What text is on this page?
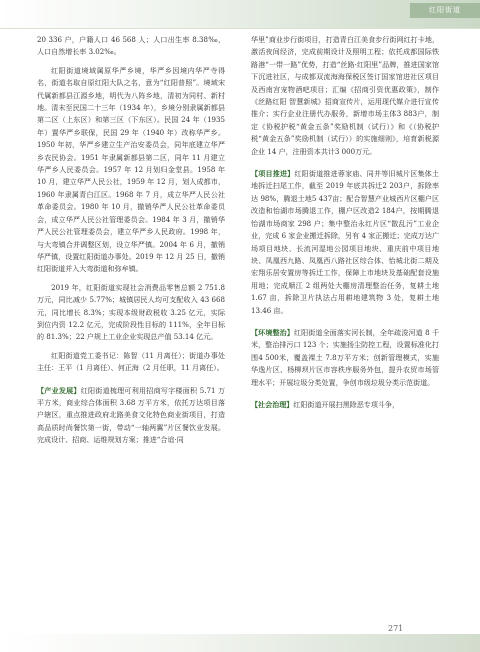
红阳街道

20 336 户，户籍人口 46 568 人；人口出生率 8.38‰，人口自然增长率 3.02‰。

红阳街道境域属原华严乡境，华严乡因境内华严寺得名，街道名取自原红阳大队之名，意为“红阳普照”。境域宋代属新都县江源乡地，明代为八阵乡地，清初为同村、新村地。清末至民国二十三年（1934 年），乡境分别隶属新都县第二区（上东区）和第三区（下东区）。民国 24 年（1935 年）置华严乡联保，民国 29 年（1940 年）改称华严乡。1950 年初，华严乡建立生产治安委员会，同年底建立华严乡农民协会。1951 年隶属新都县第二区，同年 11 月建立华严乡人民委员会。1957 年 12 月划归金堂县。1958 年 10 月，建立华严人民公社，1959 年 12 月，划人成都市，1960 年隶属青白江区。1968 年 7 月，成立华严人民公社革命委员会。1980 年 10 月，撤销华严人民公社革命委员会，成立华严人民公社管理委员会。1984 年 3 月，撤销华严人民公社管理委员会，建立华严乡人民政府。1998 年，与大弯镇合并调整区划，设立华严镇。2004 年 6 月，撤销华严镇，设置红阳街道办事处。2019 年 12 月 25 日，撤销红阳街道并入大弯街道和弥牟镇。

2019 年，红阳街道实现社会消费品零售总额 2 751.8万元，同比减少 5.77%；城镇居民人均可支配收入 43 668元，同比增长 8.3%；实现本级财政税收 3.25 亿元，实际到位内资 12.2 亿元，完成阶段性目标的 111%，全年目标的 81.3%；22 户规上工业企业实现总产值 53.14 亿元。

红阳街道党工委书记：陈智（11 月离任）；街道办事处主任：王平（1 月离任）、何正海（2 月任职，11 月离任）。

【产业发展】红阳街道梳理可利用招商写字楼面积 5.71 万平方米，商业综合体面积 3.68 万平方米，依托万达项目落户辖区，重点推进政府北路美食文化特色商业街项目，打造高品质时尚餐饮第一街，带动“一轴两翼”片区餐饮业发展。完成设计、招商、运维规划方案；推进“合谊·同

华里”商业步行街项目，打造青白江美食步行街网红打卡地，激活夜间经济，完成前期设计及照明工程；依托成都国际铁路港“一带一路”优势，打造“丝路·红阳里”品牌，推进国家馆下沉进社区，与成都双流海海保税区签订国家馆进社区项目及西南宫宠物酒吧项目；汇编《招商引资优惠政策》，制作《丝路红阳 智慧新城》招商宣传片，运用现代媒介进行宣传推介；实行企业注册代办服务，新增市场主体3 883户，制定《协税护税“黄金五条”奖励机制（试行）》和《（协税护税“黄金五条”奖励机制（试行））的实施细则》，培育新税源企业 14 户，注册资本共计3 000万元。

【项目推进】红阳街道推进蓉家庙、同井等旧城片区集体土地拆迁扫尾工作，截至 2019 年底共拆迁2 203户，拆除率达 98%，腾退土地5 437亩；配合智慧产业城西片区棚户区改造和怡湖市场腾退工作，棚户区改造2 184户，按期腾退怡湖市场商家 298 户；集中整治永红片区“散乱污”工业企业，完成 6 家企业搬迁拆除，另有 4 家正搬迁；完成万达广场项目地块、长流河湿地公园项目地块、重庆前中项目地块、凤凰西九路、凤凰西八路社区综合体、怡城北街二期及宏翔乐居安置房等拆迁工作，保障上市地块及基础配套设施用地；完成顺江 2 组两处大棚房清理整治任务，复耕土地 1.67 亩，拆除卫片执法占用耕地建筑物 3 处，复耕土地 13.46 亩。

【环境整治】红阳街道全面落实河长制，全年疏浚河道 8 千米，整治排污口 123 个；实施扬尘防控工程，设置标准化打围4 500米，覆盖裸土 7.8万平方米；创新管理模式，实施华逸片区、杨柳坝片区市容秩序服务外包，提升农贸市场管理水平；开展垃圾分类处置，争创市级垃圾分类示范街道。

【社会治理】红阳街道开展扫黑除恶专项斗争，

271
